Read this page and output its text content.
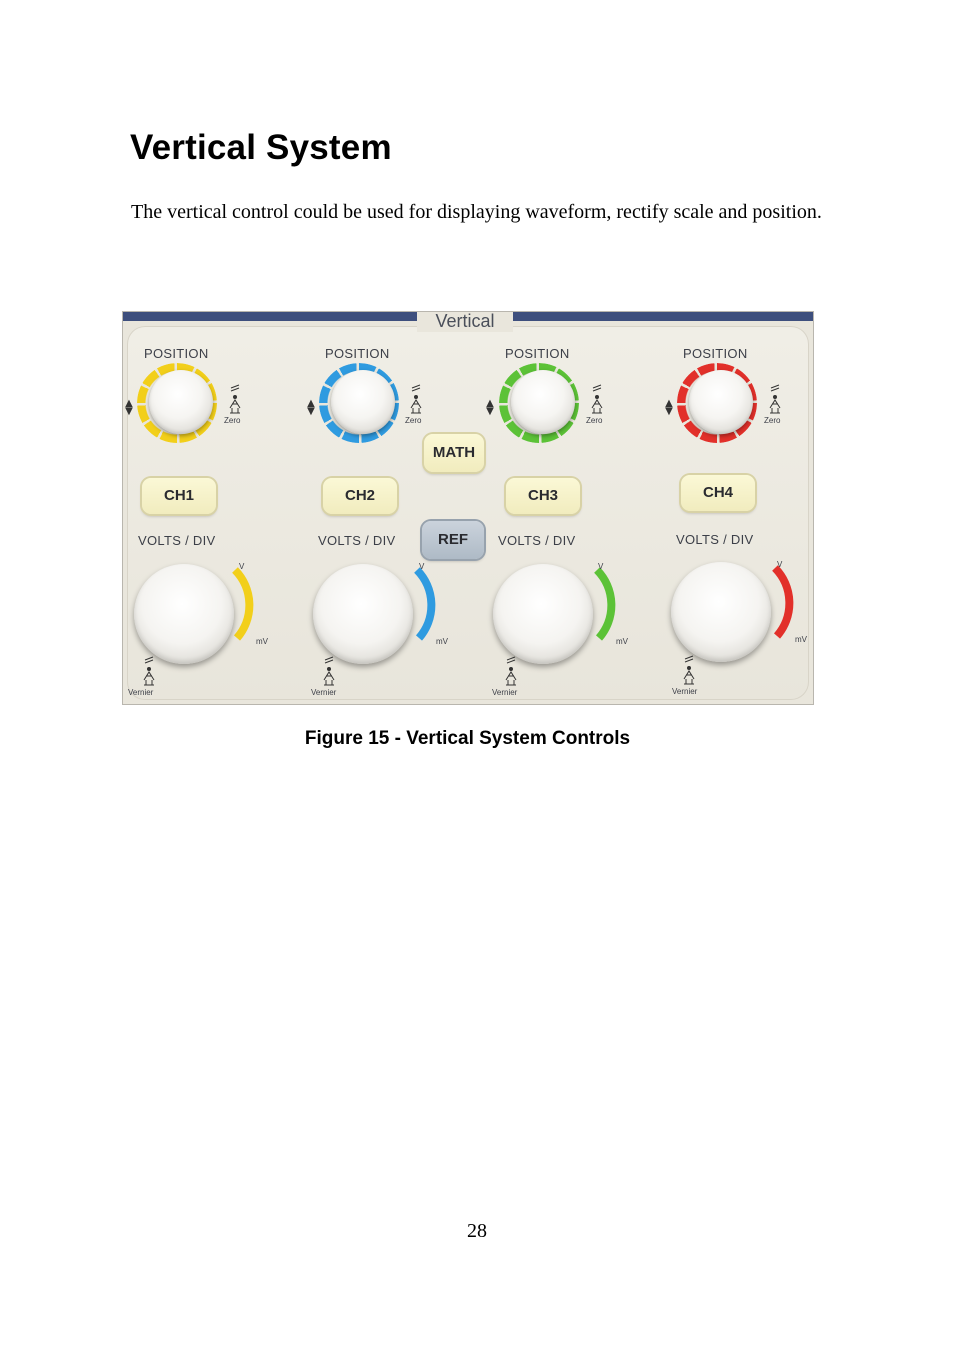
Vertical System
The vertical control could be used for displaying waveform, rectify scale and position.
Vertical
POSITION
▲
▼
Zero
CH1
VOLTS / DIV
V
mV
Vernier
POSITION
▲
▼
Zero
CH2
VOLTS / DIV
V
mV
Vernier
POSITION
▲
▼
Zero
CH3
VOLTS / DIV
V
mV
Vernier
POSITION
▲
▼
Zero
CH4
VOLTS / DIV
V
mV
Vernier
MATH
REF
Figure 15 - Vertical System Controls
28
